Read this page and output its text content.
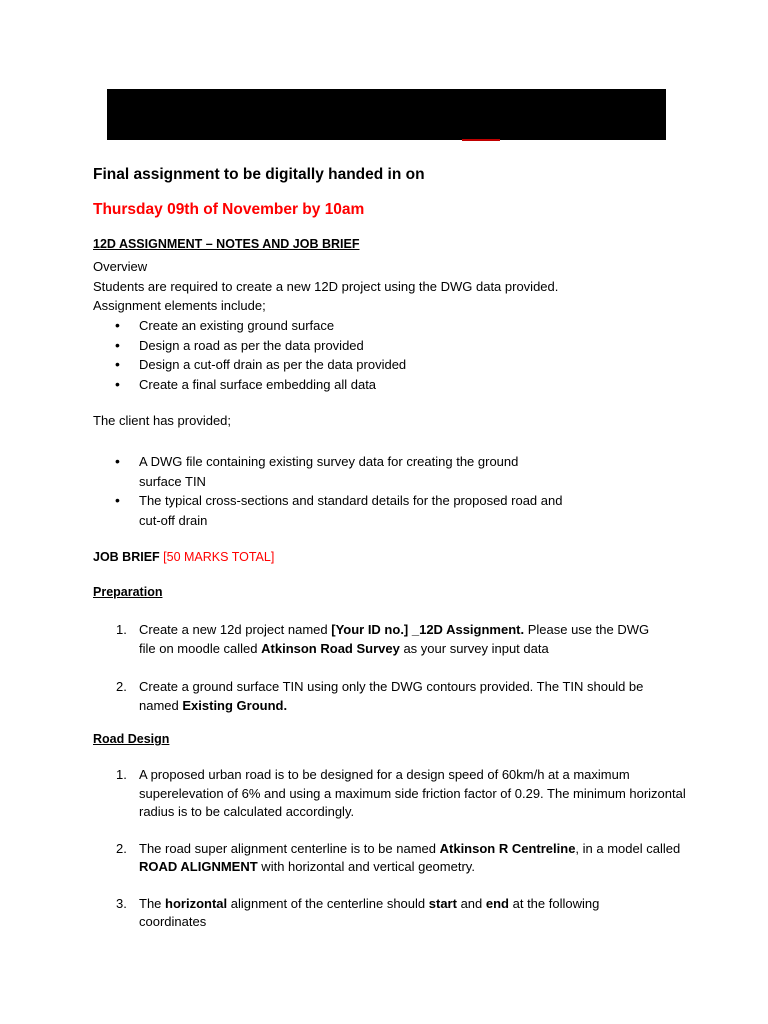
Final assignment to be digitally handed in on
Thursday 09th of November by 10am
12D ASSIGNMENT – NOTES AND JOB BRIEF
Overview
Students are required to create a new 12D project using the DWG data provided.
Assignment elements include;
• Create an existing ground surface
• Design a road as per the data provided
• Design a cut-off drain as per the data provided
• Create a final surface embedding all data
The client has provided;
• A DWG file containing existing survey data for creating the ground
surface TIN
• The typical cross-sections and standard details for the proposed road and
cut-off drain
JOB BRIEF [50 MARKS TOTAL]
Preparation
1. Create a new 12d project named [Your ID no.] _12D Assignment. Please use the DWG file on moodle called Atkinson Road Survey as your survey input data
2. Create a ground surface TIN using only the DWG contours provided. The TIN should be named Existing Ground.
Road Design
1. A proposed urban road is to be designed for a design speed of 60km/h at a maximum superelevation of 6% and using a maximum side friction factor of 0.29. The minimum horizontal radius is to be calculated accordingly.
2. The road super alignment centerline is to be named Atkinson R Centreline, in a model called ROAD ALIGNMENT with horizontal and vertical geometry.
3. The horizontal alignment of the centerline should start and end at the following coordinates
